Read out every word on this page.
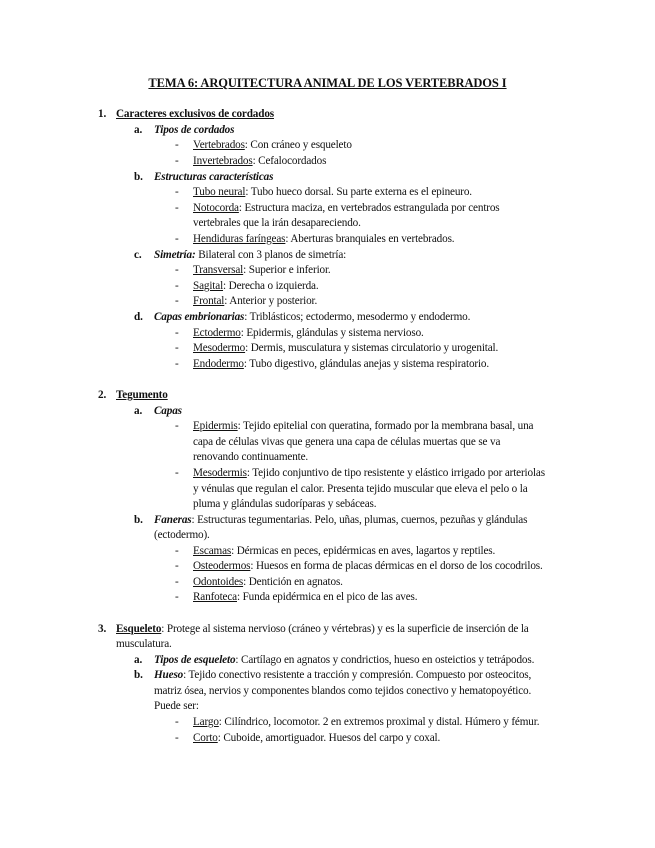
TEMA 6: ARQUITECTURA ANIMAL DE LOS VERTEBRADOS I
1. Caracteres exclusivos de cordados
a. Tipos de cordados
- Vertebrados: Con cráneo y esqueleto
- Invertebrados: Cefalocordados
b. Estructuras características
- Tubo neural: Tubo hueco dorsal. Su parte externa es el epineuro.
- Notocorda: Estructura maciza, en vertebrados estrangulada por centros
vertebrales que la irán desapareciendo.
- Hendiduras faríngeas: Aberturas branquiales en vertebrados.
c. Simetría: Bilateral con 3 planos de simetría:
- Transversal: Superior e inferior.
- Sagital: Derecha o izquierda.
- Frontal: Anterior y posterior.
d. Capas embrionarias: Triblásticos; ectodermo, mesodermo y endodermo.
- Ectodermo: Epidermis, glándulas y sistema nervioso.
- Mesodermo: Dermis, musculatura y sistemas circulatorio y urogenital.
- Endodermo: Tubo digestivo, glándulas anejas y sistema respiratorio.
2. Tegumento
a. Capas
- Epidermis: Tejido epitelial con queratina, formado por la membrana basal, una
capa de células vivas que genera una capa de células muertas que se va
renovando continuamente.
- Mesodermis: Tejido conjuntivo de tipo resistente y elástico irrigado por arteriolas
y vénulas que regulan el calor. Presenta tejido muscular que eleva el pelo o la
pluma y glándulas sudoríparas y sebáceas.
b. Faneras: Estructuras tegumentarias. Pelo, uñas, plumas, cuernos, pezuñas y glándulas
(ectodermo).
- Escamas: Dérmicas en peces, epidérmicas en aves, lagartos y reptiles.
- Osteodermos: Huesos en forma de placas dérmicas en el dorso de los cocodrilos.
- Odontoides: Dentición en agnatos.
- Ranfoteca: Funda epidérmica en el pico de las aves.
3. Esqueleto: Protege al sistema nervioso (cráneo y vértebras) y es la superficie de inserción de la
musculatura.
a. Tipos de esqueleto: Cartílago en agnatos y condrictios, hueso en osteictios y tetrápodos.
b. Hueso: Tejido conectivo resistente a tracción y compresión. Compuesto por osteocitos,
matriz ósea, nervios y componentes blandos como tejidos conectivo y hematopoyético.
Puede ser:
- Largo: Cilíndrico, locomotor. 2 en extremos proximal y distal. Húmero y fémur.
- Corto: Cuboide, amortiguador. Huesos del carpo y coxal.
